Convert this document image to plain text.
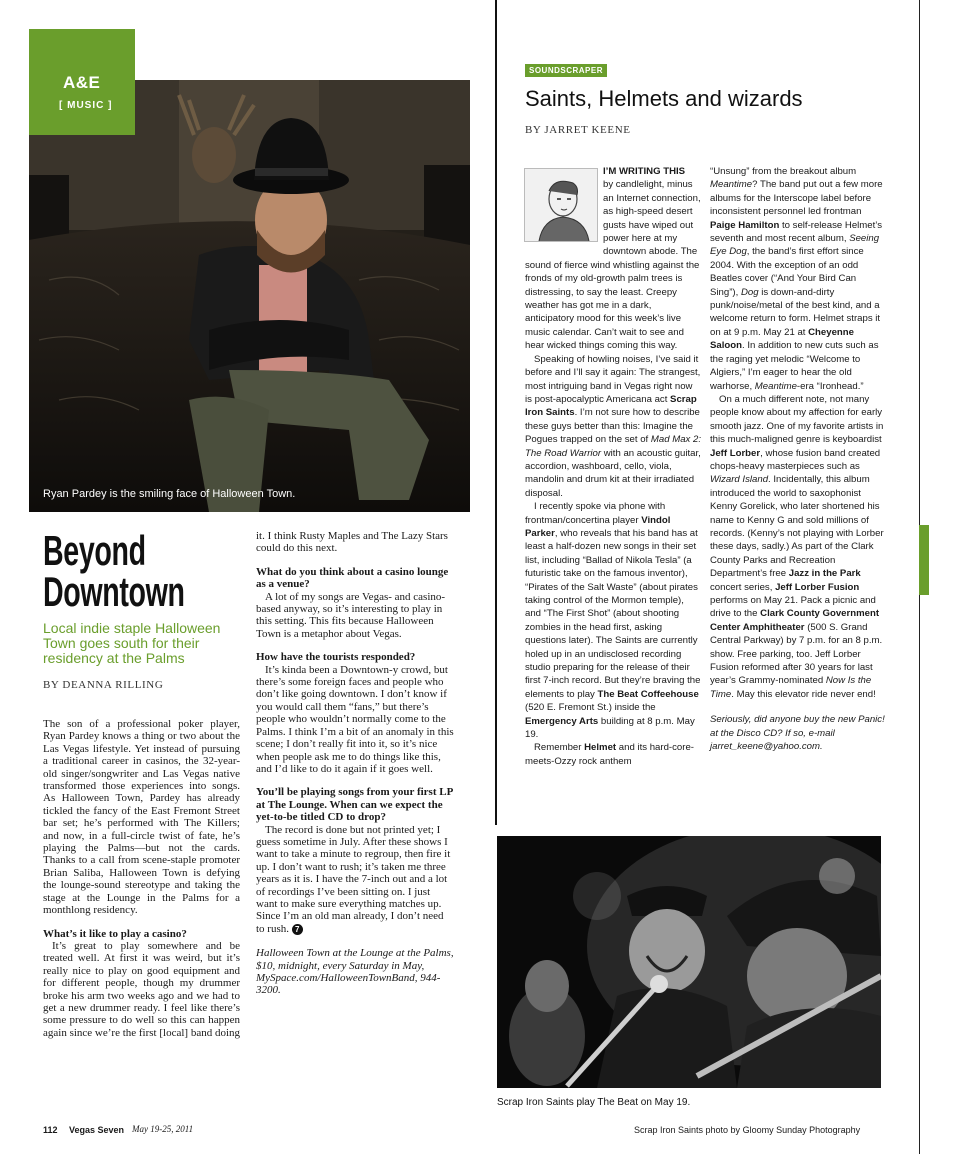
A&E
[ MUSIC ]
Ryan Pardey is the smiling face of Halloween Town.
Beyond
Downtown
Local indie staple Halloween Town goes south for their residency at the Palms
BY DEANNA RILLING

The son of a professional poker player, Ryan Pardey knows a thing or two about the Las Vegas lifestyle. Yet instead of pursuing a traditional career in casinos, the 32-year-old singer/songwriter and Las Vegas native transformed those experiences into songs. As Halloween Town, Pardey has already tickled the fancy of the East Fremont Street bar set; he’s performed with The Killers; and now, in a full-circle twist of fate, he’s playing the Palms—but not the cards. Thanks to a call from scene-staple promoter Brian Saliba, Halloween Town is defying the lounge-sound stereotype and taking the stage at the Lounge in the Palms for a monthlong residency.

What’s it like to play a casino?

It’s great to play somewhere and be treated well. At first it was weird, but it’s really nice to play on good equipment and for different people, though my drummer broke his arm two weeks ago and we had to get a new drummer ready. I feel like there’s some pressure to do well so this can happen again since we’re the first [local] band doing

it. I think Rusty Maples and The Lazy Stars could do this next.

What do you think about a casino lounge as a venue?

A lot of my songs are Vegas- and casino-based anyway, so it’s interesting to play in this setting. This fits because Halloween Town is a metaphor about Vegas.

How have the tourists responded?

It’s kinda been a Downtown-y crowd, but there’s some foreign faces and people who don’t like going downtown. I don’t know if you would call them “fans,” but there’s people who wouldn’t normally come to the Palms. I think I’m a bit of an anomaly in this scene; I don’t really fit into it, so it’s nice when people ask me to do things like this, and I’d like to do it again if it goes well.

You’ll be playing songs from your first LP at The Lounge. When can we expect the yet-to-be titled CD to drop?

The record is done but not printed yet; I guess sometime in July. After these shows I want to take a minute to regroup, then fire it up. I don’t want to rush; it’s taken me three years as it is. I have the 7-inch out and a lot of recordings I’ve been sitting on. I just want to make sure everything matches up. Since I’m an old man already, I don’t need to rush. 7

Halloween Town at the Lounge at the Palms, $10, midnight, every Saturday in May, MySpace.com/HalloweenTownBand, 944-3200.

SOUNDSCRAPER
Saints, Helmets and wizards
BY JARRET KEENE

I’M WRITING THIS

by candlelight, minus an Internet connection, as high-speed desert gusts have wiped out power here at my downtown abode. The sound of fierce wind whistling against the fronds of my old-growth palm trees is distressing, to say the least. Creepy weather has got me in a dark, anticipatory mood for this week’s live music calendar. Can’t wait to see and hear wicked things coming this way.

Speaking of howling noises, I’ve said it before and I’ll say it again: The strangest, most intriguing band in Vegas right now is post-apocalyptic Americana act Scrap Iron Saints. I’m not sure how to describe these guys better than this: Imagine the Pogues trapped on the set of Mad Max 2: The Road Warrior with an acoustic guitar, accordion, washboard, cello, viola, mandolin and drum kit at their irradiated disposal.

I recently spoke via phone with frontman/concertina player Vindol Parker, who reveals that his band has at least a half-dozen new songs in their set list, including “Ballad of Nikola Tesla” (a futuristic take on the famous inventor), “Pirates of the Salt Waste” (about pirates taking control of the Mormon temple), and “The First Shot” (about shooting zombies in the head first, asking questions later). The Saints are currently holed up in an undisclosed recording studio preparing for the release of their first 7-inch record. But they’re braving the elements to play The Beat Coffeehouse (520 E. Fremont St.) inside the Emergency Arts building at 8 p.m. May 19.

Remember Helmet and its hard-core-meets-Ozzy rock anthem

“Unsung” from the breakout album Meantime? The band put out a few more albums for the Interscope label before inconsistent personnel led frontman Paige Hamilton to self-release Helmet’s seventh and most recent album, Seeing Eye Dog, the band’s first effort since 2004. With the exception of an odd Beatles cover (“And Your Bird Can Sing”), Dog is down-and-dirty punk/noise/metal of the best kind, and a welcome return to form. Helmet straps it on at 9 p.m. May 21 at Cheyenne Saloon. In addition to new cuts such as the raging yet melodic “Welcome to Algiers,” I’m eager to hear the old warhorse, Meantime-era “Ironhead.”

On a much different note, not many people know about my affection for early smooth jazz. One of my favorite artists in this much-maligned genre is keyboardist Jeff Lorber, whose fusion band created chops-heavy masterpieces such as Wizard Island. Incidentally, this album introduced the world to saxophonist Kenny Gorelick, who later shortened his name to Kenny G and sold millions of records. (Kenny’s not playing with Lorber these days, sadly.) As part of the Clark County Parks and Recreation Department’s free Jazz in the Park concert series, Jeff Lorber Fusion performs on May 21. Pack a picnic and drive to the Clark County Government Center Amphitheater (500 S. Grand Central Parkway) by 7 p.m. for an 8 p.m. show. Free parking, too. Jeff Lorber Fusion reformed after 30 years for last year’s Grammy-nominated Now Is the Time. May this elevator ride never end!

Seriously, did anyone buy the new Panic! at the Disco CD? If so, e-mail jarret_keene@yahoo.com.

Scrap Iron Saints play The Beat on May 19.
112 Vegas Seven May 19-25, 2011	Scrap Iron Saints photo by Gloomy Sunday Photography
